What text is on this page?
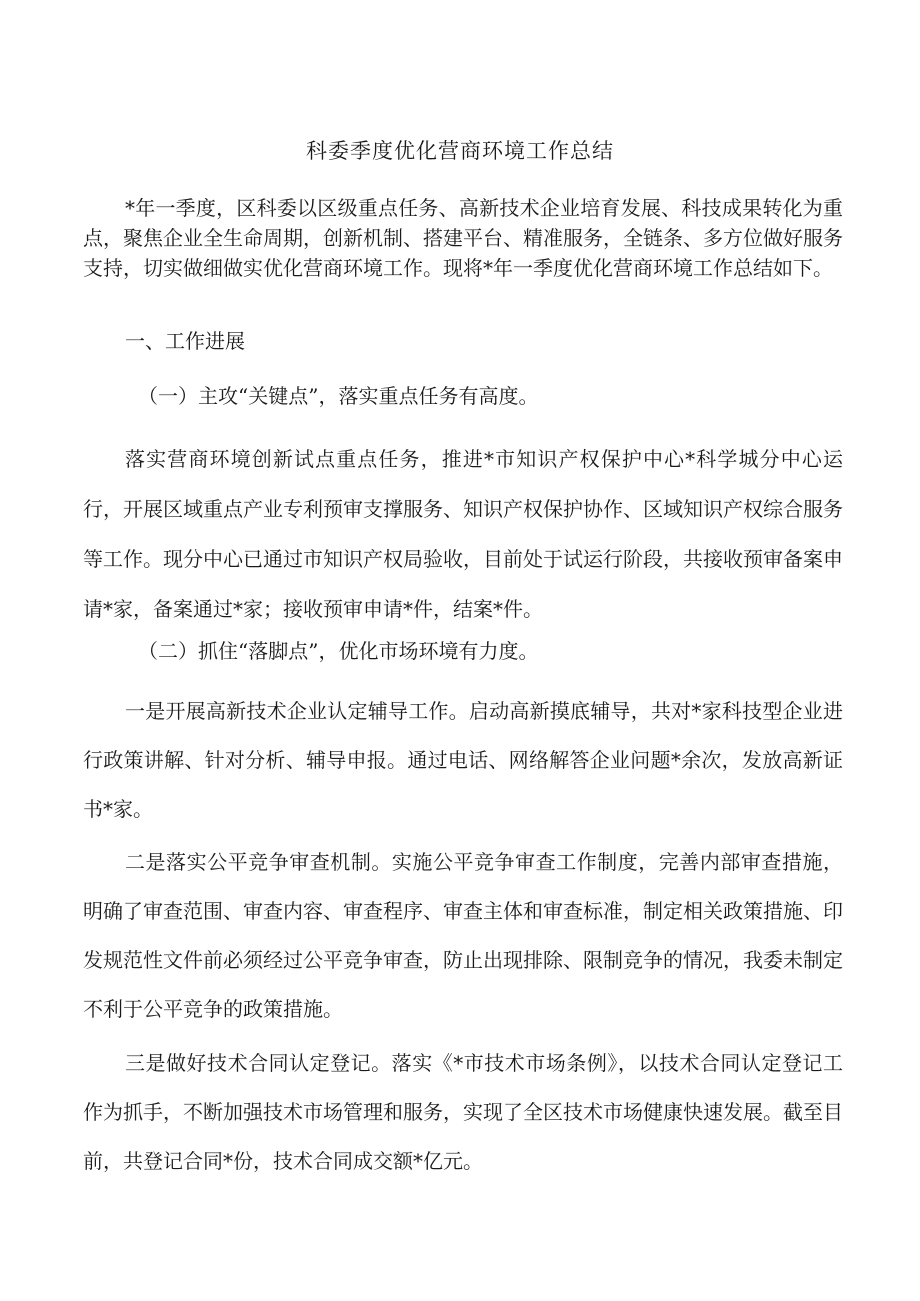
科委季度优化营商环境工作总结

*年一季度，区科委以区级重点任务、高新技术企业培育发展、科技成果转化为重点，聚焦企业全生命周期，创新机制、搭建平台、精准服务，全链条、多方位做好服务支持，切实做细做实优化营商环境工作。现将*年一季度优化营商环境工作总结如下。

一、工作进展

（一）主攻“关键点”，落实重点任务有高度。

落实营商环境创新试点重点任务，推进*市知识产权保护中心*科学城分中心运行，开展区域重点产业专利预审支撑服务、知识产权保护协作、区域知识产权综合服务等工作。现分中心已通过市知识产权局验收，目前处于试运行阶段，共接收预审备案申请*家，备案通过*家；接收预审申请*件，结案*件。

（二）抓住“落脚点”，优化市场环境有力度。

一是开展高新技术企业认定辅导工作。启动高新摸底辅导，共对*家科技型企业进行政策讲解、针对分析、辅导申报。通过电话、网络解答企业问题*余次，发放高新证书*家。

二是落实公平竞争审查机制。实施公平竞争审查工作制度，完善内部审查措施，明确了审查范围、审查内容、审查程序、审查主体和审查标准，制定相关政策措施、印发规范性文件前必须经过公平竞争审查，防止出现排除、限制竞争的情况，我委未制定不利于公平竞争的政策措施。

三是做好技术合同认定登记。落实《*市技术市场条例》，以技术合同认定登记工作为抓手，不断加强技术市场管理和服务，实现了全区技术市场健康快速发展。截至目前，共登记合同*份，技术合同成交额*亿元。
